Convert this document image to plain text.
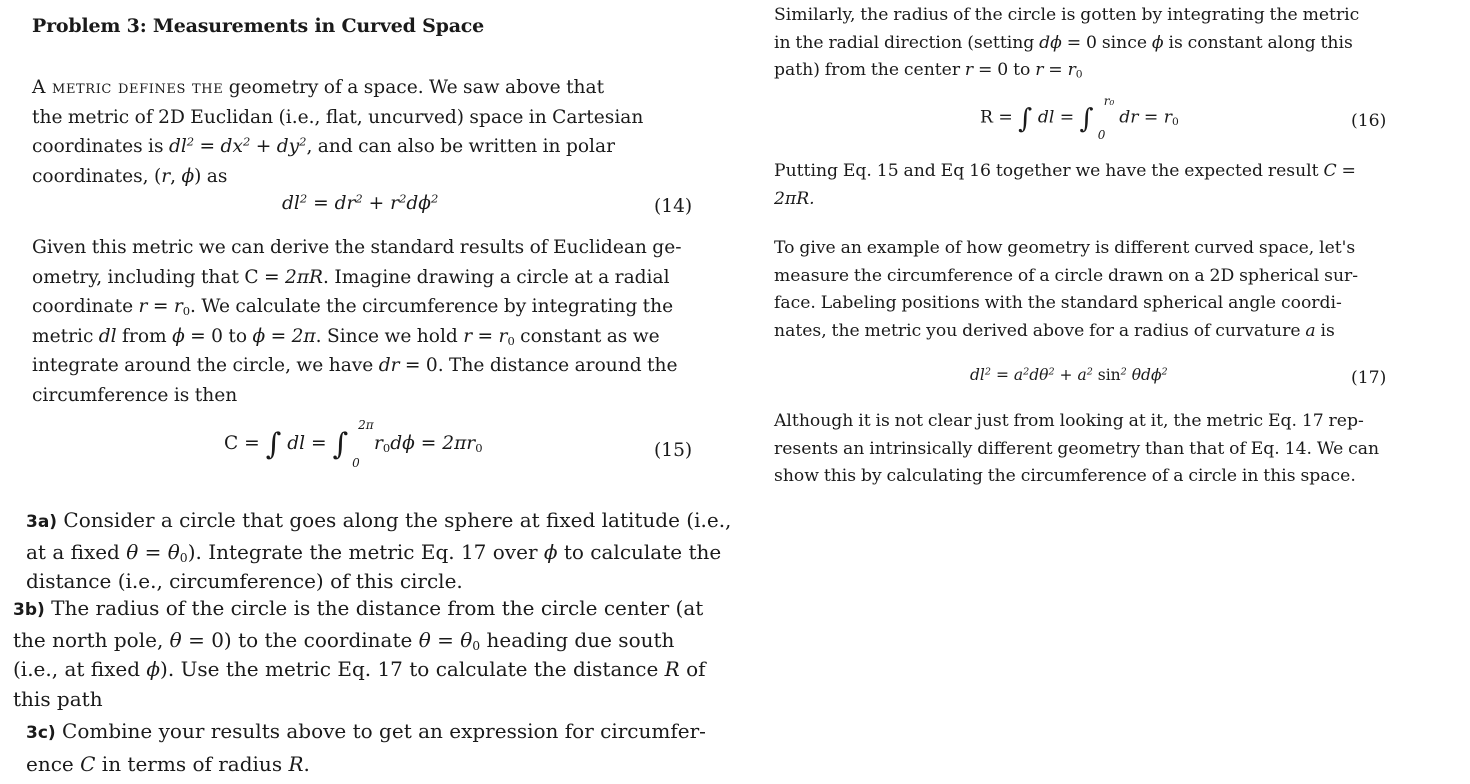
Problem 3: Measurements in Curved Space
A metric defines the geometry of a space. We saw above that
the metric of 2D Euclidan (i.e., flat, uncurved) space in Cartesian
coordinates is $dl^2 = dx^2 + dy^2$, and can also be written in polar
coordinates, (r, ϕ) as
$dl^2 = dr^2 + r^2d\phi^2$	(14)
Given this metric we can derive the standard results of Euclidean ge-
ometry, including that C = 2πR. Imagine drawing a circle at a radial
coordinate $r = r_0$. We calculate the circumference by integrating the
metric dl from ϕ = 0 to ϕ = 2π. Since we hold $r = r_0$ constant as we
integrate around the circle, we have dr = 0. The distance around the
circumference is then
C = ∫ dl = ∫
2π
0
$r_0d\phi = 2\pi r_0$	(15)
3a) Consider a circle that goes along the sphere at fixed latitude (i.e.,
at a fixed $\theta = \theta_0$). Integrate the metric Eq. 17 over ϕ to calculate the
distance (i.e., circumference) of this circle.
3b) The radius of the circle is the distance from the circle center (at
the north pole, θ = 0) to the coordinate $\theta = \theta_0$ heading due south
(i.e., at fixed ϕ). Use the metric Eq. 17 to calculate the distance R of
this path
3c) Combine your results above to get an expression for circumfer-
ence C in terms of radius R.
Similarly, the radius of the circle is gotten by integrating the metric
in the radial direction (setting dϕ = 0 since ϕ is constant along this
path) from the center r = 0 to $r = r_0$
R = ∫ dl = ∫
r₀
0
dr = $r_0$	(16)
Putting Eq. 15 and Eq 16 together we have the expected result C =
2πR.
To give an example of how geometry is different curved space, let's
measure the circumference of a circle drawn on a 2D spherical sur-
face. Labeling positions with the standard spherical angle coordi-
nates, the metric you derived above for a radius of curvature a is
$dl^2 = a^2d\theta^2 + a^2$ $\sin^2 \theta d\phi^2$	(17)
Although it is not clear just from looking at it, the metric Eq. 17 rep-
resents an intrinsically different geometry than that of Eq. 14. We can
show this by calculating the circumference of a circle in this space.
